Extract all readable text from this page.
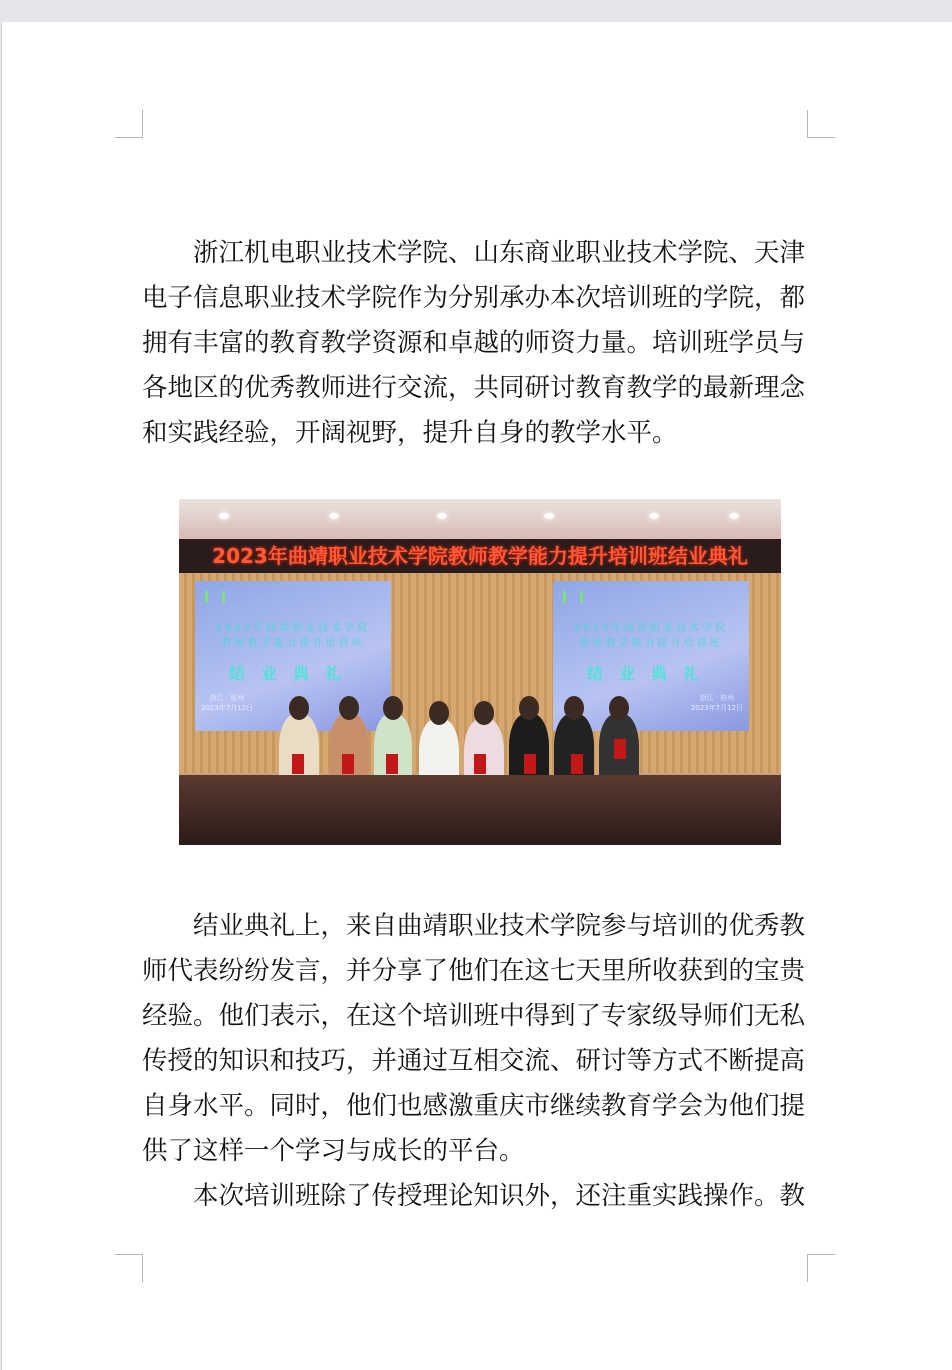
浙江机电职业技术学院、山东商业职业技术学院、天津
电子信息职业技术学院作为分别承办本次培训班的学院，都
拥有丰富的教育教学资源和卓越的师资力量。培训班学员与
各地区的优秀教师进行交流，共同研讨教育教学的最新理念
和实践经验，开阔视野，提升自身的教学水平。
2023年曲靖职业技术学院教师教学能力提升培训班结业典礼
2023年曲靖职业技术学院
教师教学能力提升培训班
结业典礼
浙江 · 杭州
2023年7月12日
2023年曲靖职业技术学院
教师教学能力提升培训班
结业典礼
浙江 · 杭州
2023年7月12日
结业典礼上，来自曲靖职业技术学院参与培训的优秀教
师代表纷纷发言，并分享了他们在这七天里所收获到的宝贵
经验。他们表示，在这个培训班中得到了专家级导师们无私
传授的知识和技巧，并通过互相交流、研讨等方式不断提高
自身水平。同时，他们也感激重庆市继续教育学会为他们提
供了这样一个学习与成长的平台。
本次培训班除了传授理论知识外，还注重实践操作。教
